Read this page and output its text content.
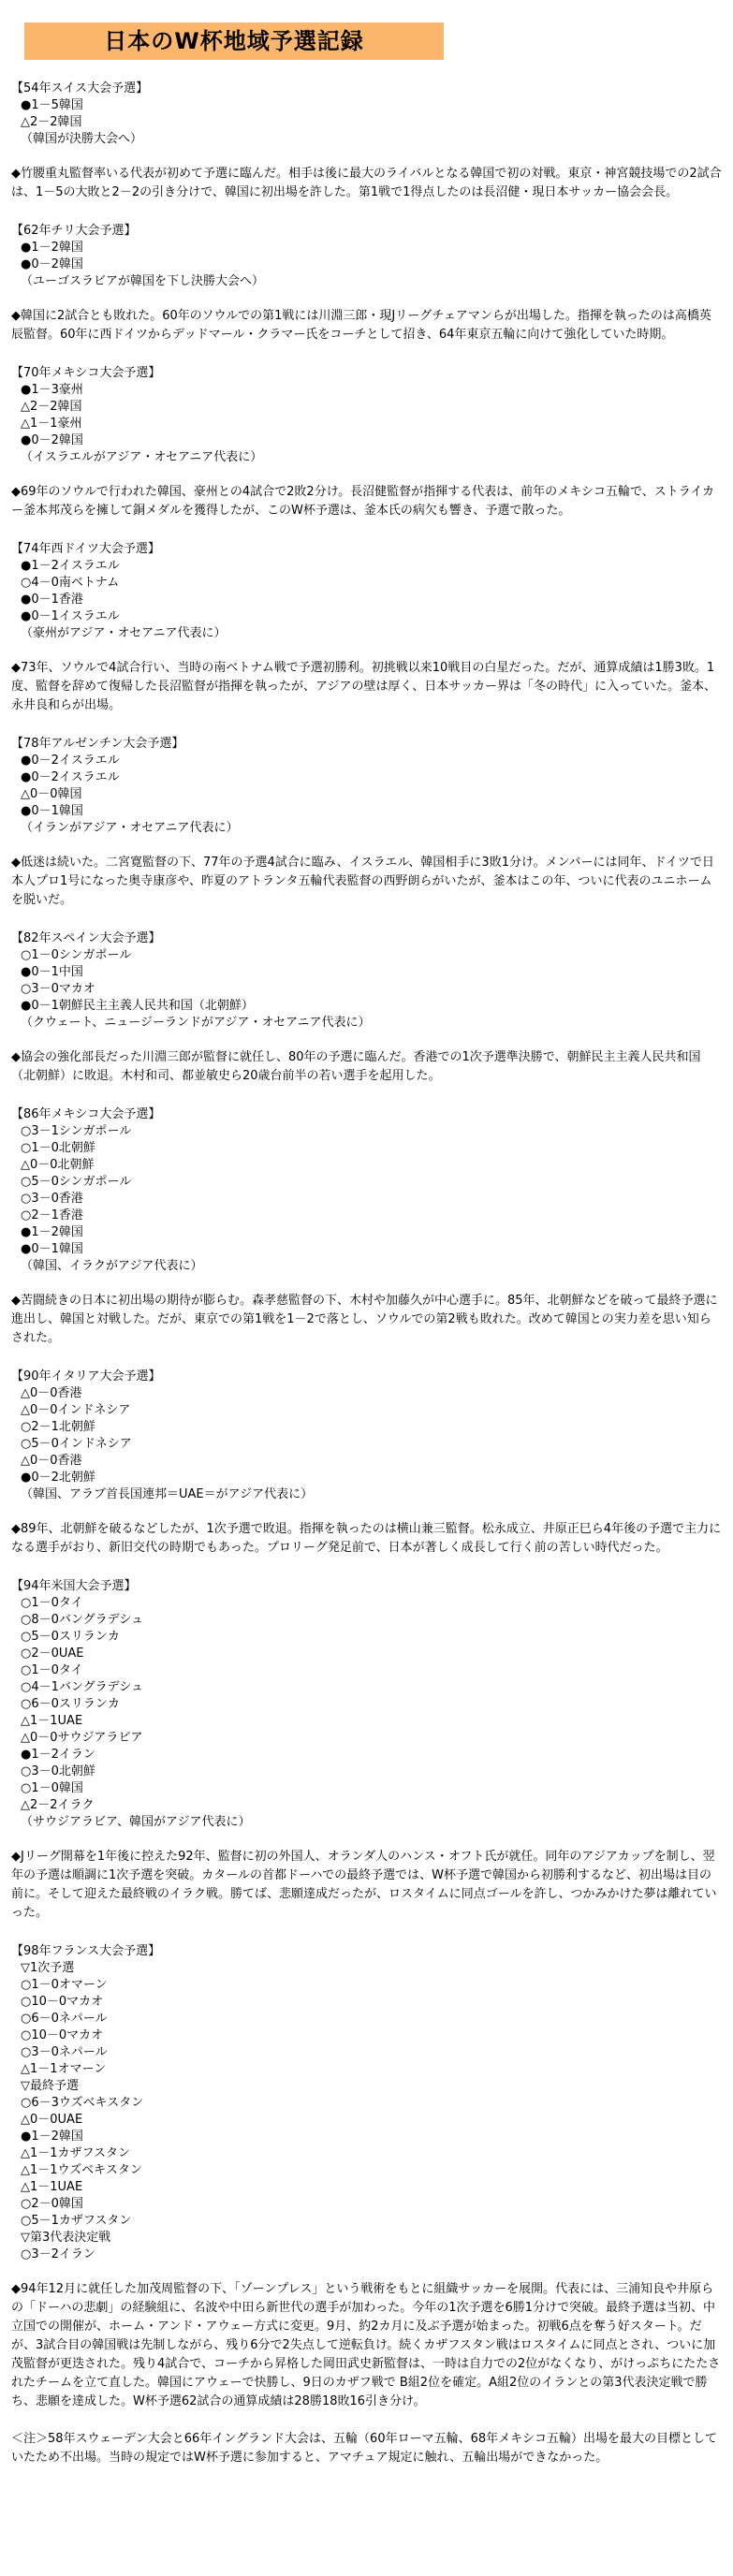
日本のW杯地域予選記録
【54年スイス大会予選】
●1－5韓国
△2－2韓国
（韓国が決勝大会へ）
◆竹腰重丸監督率いる代表が初めて予選に臨んだ。相手は後に最大のライバルとなる韓国で初の対戦。東京・神宮競技場での2試合は、1－5の大敗と2－2の引き分けで、韓国に初出場を許した。第1戦で1得点したのは長沼健・現日本サッカー協会会長。
【62年チリ大会予選】
●1－2韓国
●0－2韓国
（ユーゴスラビアが韓国を下し決勝大会へ）
◆韓国に2試合とも敗れた。60年のソウルでの第1戦には川淵三郎・現Jリーグチェアマンらが出場した。指揮を執ったのは高橋英辰監督。60年に西ドイツからデッドマール・クラマー氏をコーチとして招き、64年東京五輪に向けて強化していた時期。
【70年メキシコ大会予選】
●1－3豪州
△2－2韓国
△1－1豪州
●0－2韓国
（イスラエルがアジア・オセアニア代表に）
◆69年のソウルで行われた韓国、豪州との4試合で2敗2分け。長沼健監督が指揮する代表は、前年のメキシコ五輪で、ストライカー釜本邦茂らを擁して銅メダルを獲得したが、このW杯予選は、釜本氏の病欠も響き、予選で散った。
【74年西ドイツ大会予選】
●1－2イスラエル
○4－0南ベトナム
●0－1香港
●0－1イスラエル
（豪州がアジア・オセアニア代表に）
◆73年、ソウルで4試合行い、当時の南ベトナム戦で予選初勝利。初挑戦以来10戦目の白星だった。だが、通算成績は1勝3敗。1度、監督を辞めて復帰した長沼監督が指揮を執ったが、アジアの壁は厚く、日本サッカー界は「冬の時代」に入っていた。釜本、永井良和らが出場。
【78年アルゼンチン大会予選】
●0－2イスラエル
●0－2イスラエル
△0－0韓国
●0－1韓国
（イランがアジア・オセアニア代表に）
◆低迷は続いた。二宮寛監督の下、77年の予選4試合に臨み、イスラエル、韓国相手に3敗1分け。メンバーには同年、ドイツで日本人プロ1号になった奥寺康彦や、昨夏のアトランタ五輪代表監督の西野朗らがいたが、釜本はこの年、ついに代表のユニホームを脱いだ。
【82年スペイン大会予選】
○1－0シンガポール
●0－1中国
○3－0マカオ
●0－1朝鮮民主主義人民共和国（北朝鮮）
（クウェート、ニュージーランドがアジア・オセアニア代表に）
◆協会の強化部長だった川淵三郎が監督に就任し、80年の予選に臨んだ。香港での1次予選準決勝で、朝鮮民主主義人民共和国（北朝鮮）に敗退。木村和司、都並敏史ら20歳台前半の若い選手を起用した。
【86年メキシコ大会予選】
○3－1シンガポール
○1－0北朝鮮
△0－0北朝鮮
○5－0シンガポール
○3－0香港
○2－1香港
●1－2韓国
●0－1韓国
（韓国、イラクがアジア代表に）
◆苦闘続きの日本に初出場の期待が膨らむ。森孝慈監督の下、木村や加藤久が中心選手に。85年、北朝鮮などを破って最終予選に進出し、韓国と対戦した。だが、東京での第1戦を1－2で落とし、ソウルでの第2戦も敗れた。改めて韓国との実力差を思い知らされた。
【90年イタリア大会予選】
△0－0香港
△0－0インドネシア
○2－1北朝鮮
○5－0インドネシア
△0－0香港
●0－2北朝鮮
（韓国、アラブ首長国連邦＝UAE＝がアジア代表に）
◆89年、北朝鮮を破るなどしたが、1次予選で敗退。指揮を執ったのは横山兼三監督。松永成立、井原正巳ら4年後の予選で主力になる選手がおり、新旧交代の時期でもあった。プロリーグ発足前で、日本が著しく成長して行く前の苦しい時代だった。
【94年米国大会予選】
○1－0タイ
○8－0バングラデシュ
○5－0スリランカ
○2－0UAE
○1－0タイ
○4－1バングラデシュ
○6－0スリランカ
△1－1UAE
△0－0サウジアラビア
●1－2イラン
○3－0北朝鮮
○1－0韓国
△2－2イラク
（サウジアラビア、韓国がアジア代表に）
◆Jリーグ開幕を1年後に控えた92年、監督に初の外国人、オランダ人のハンス・オフト氏が就任。同年のアジアカップを制し、翌年の予選は順調に1次予選を突破。カタールの首都ドーハでの最終予選では、W杯予選で韓国から初勝利するなど、初出場は目の前に。そして迎えた最終戦のイラク戦。勝てば、悲願達成だったが、ロスタイムに同点ゴールを許し、つかみかけた夢は離れていった。
【98年フランス大会予選】
▽1次予選
○1－0オマーン
○10－0マカオ
○6－0ネパール
○10－0マカオ
○3－0ネパール
△1－1オマーン
▽最終予選
○6－3ウズベキスタン
△0－0UAE
●1－2韓国
△1－1カザフスタン
△1－1ウズベキスタン
△1－1UAE
○2－0韓国
○5－1カザフスタン
▽第3代表決定戦
○3－2イラン
◆94年12月に就任した加茂周監督の下、「ゾーンプレス」という戦術をもとに組織サッカーを展開。代表には、三浦知良や井原らの「ドーハの悲劇」の経験組に、名波や中田ら新世代の選手が加わった。今年の1次予選を6勝1分けで突破。最終予選は当初、中立国での開催が、ホーム・アンド・アウェー方式に変更。9月、約2カ月に及ぶ予選が始まった。初戦6点を奪う好スタート。だが、3試合目の韓国戦は先制しながら、残り6分で2失点して逆転負け。続くカザフスタン戦はロスタイムに同点とされ、ついに加茂監督が更迭された。残り4試合で、コーチから昇格した岡田武史新監督は、一時は自力での2位がなくなり、がけっぷちにたたされたチームを立て直した。韓国にアウェーで快勝し、9日のカザフ戦で B組2位を確定。A組2位のイランとの第3代表決定戦で勝ち、悲願を達成した。W杯予選62試合の通算成績は28勝18敗16引き分け。
＜注＞58年スウェーデン大会と66年イングランド大会は、五輪（60年ローマ五輪、68年メキシコ五輪）出場を最大の目標としていたため不出場。当時の規定ではW杯予選に参加すると、アマチュア規定に触れ、五輪出場ができなかった。
